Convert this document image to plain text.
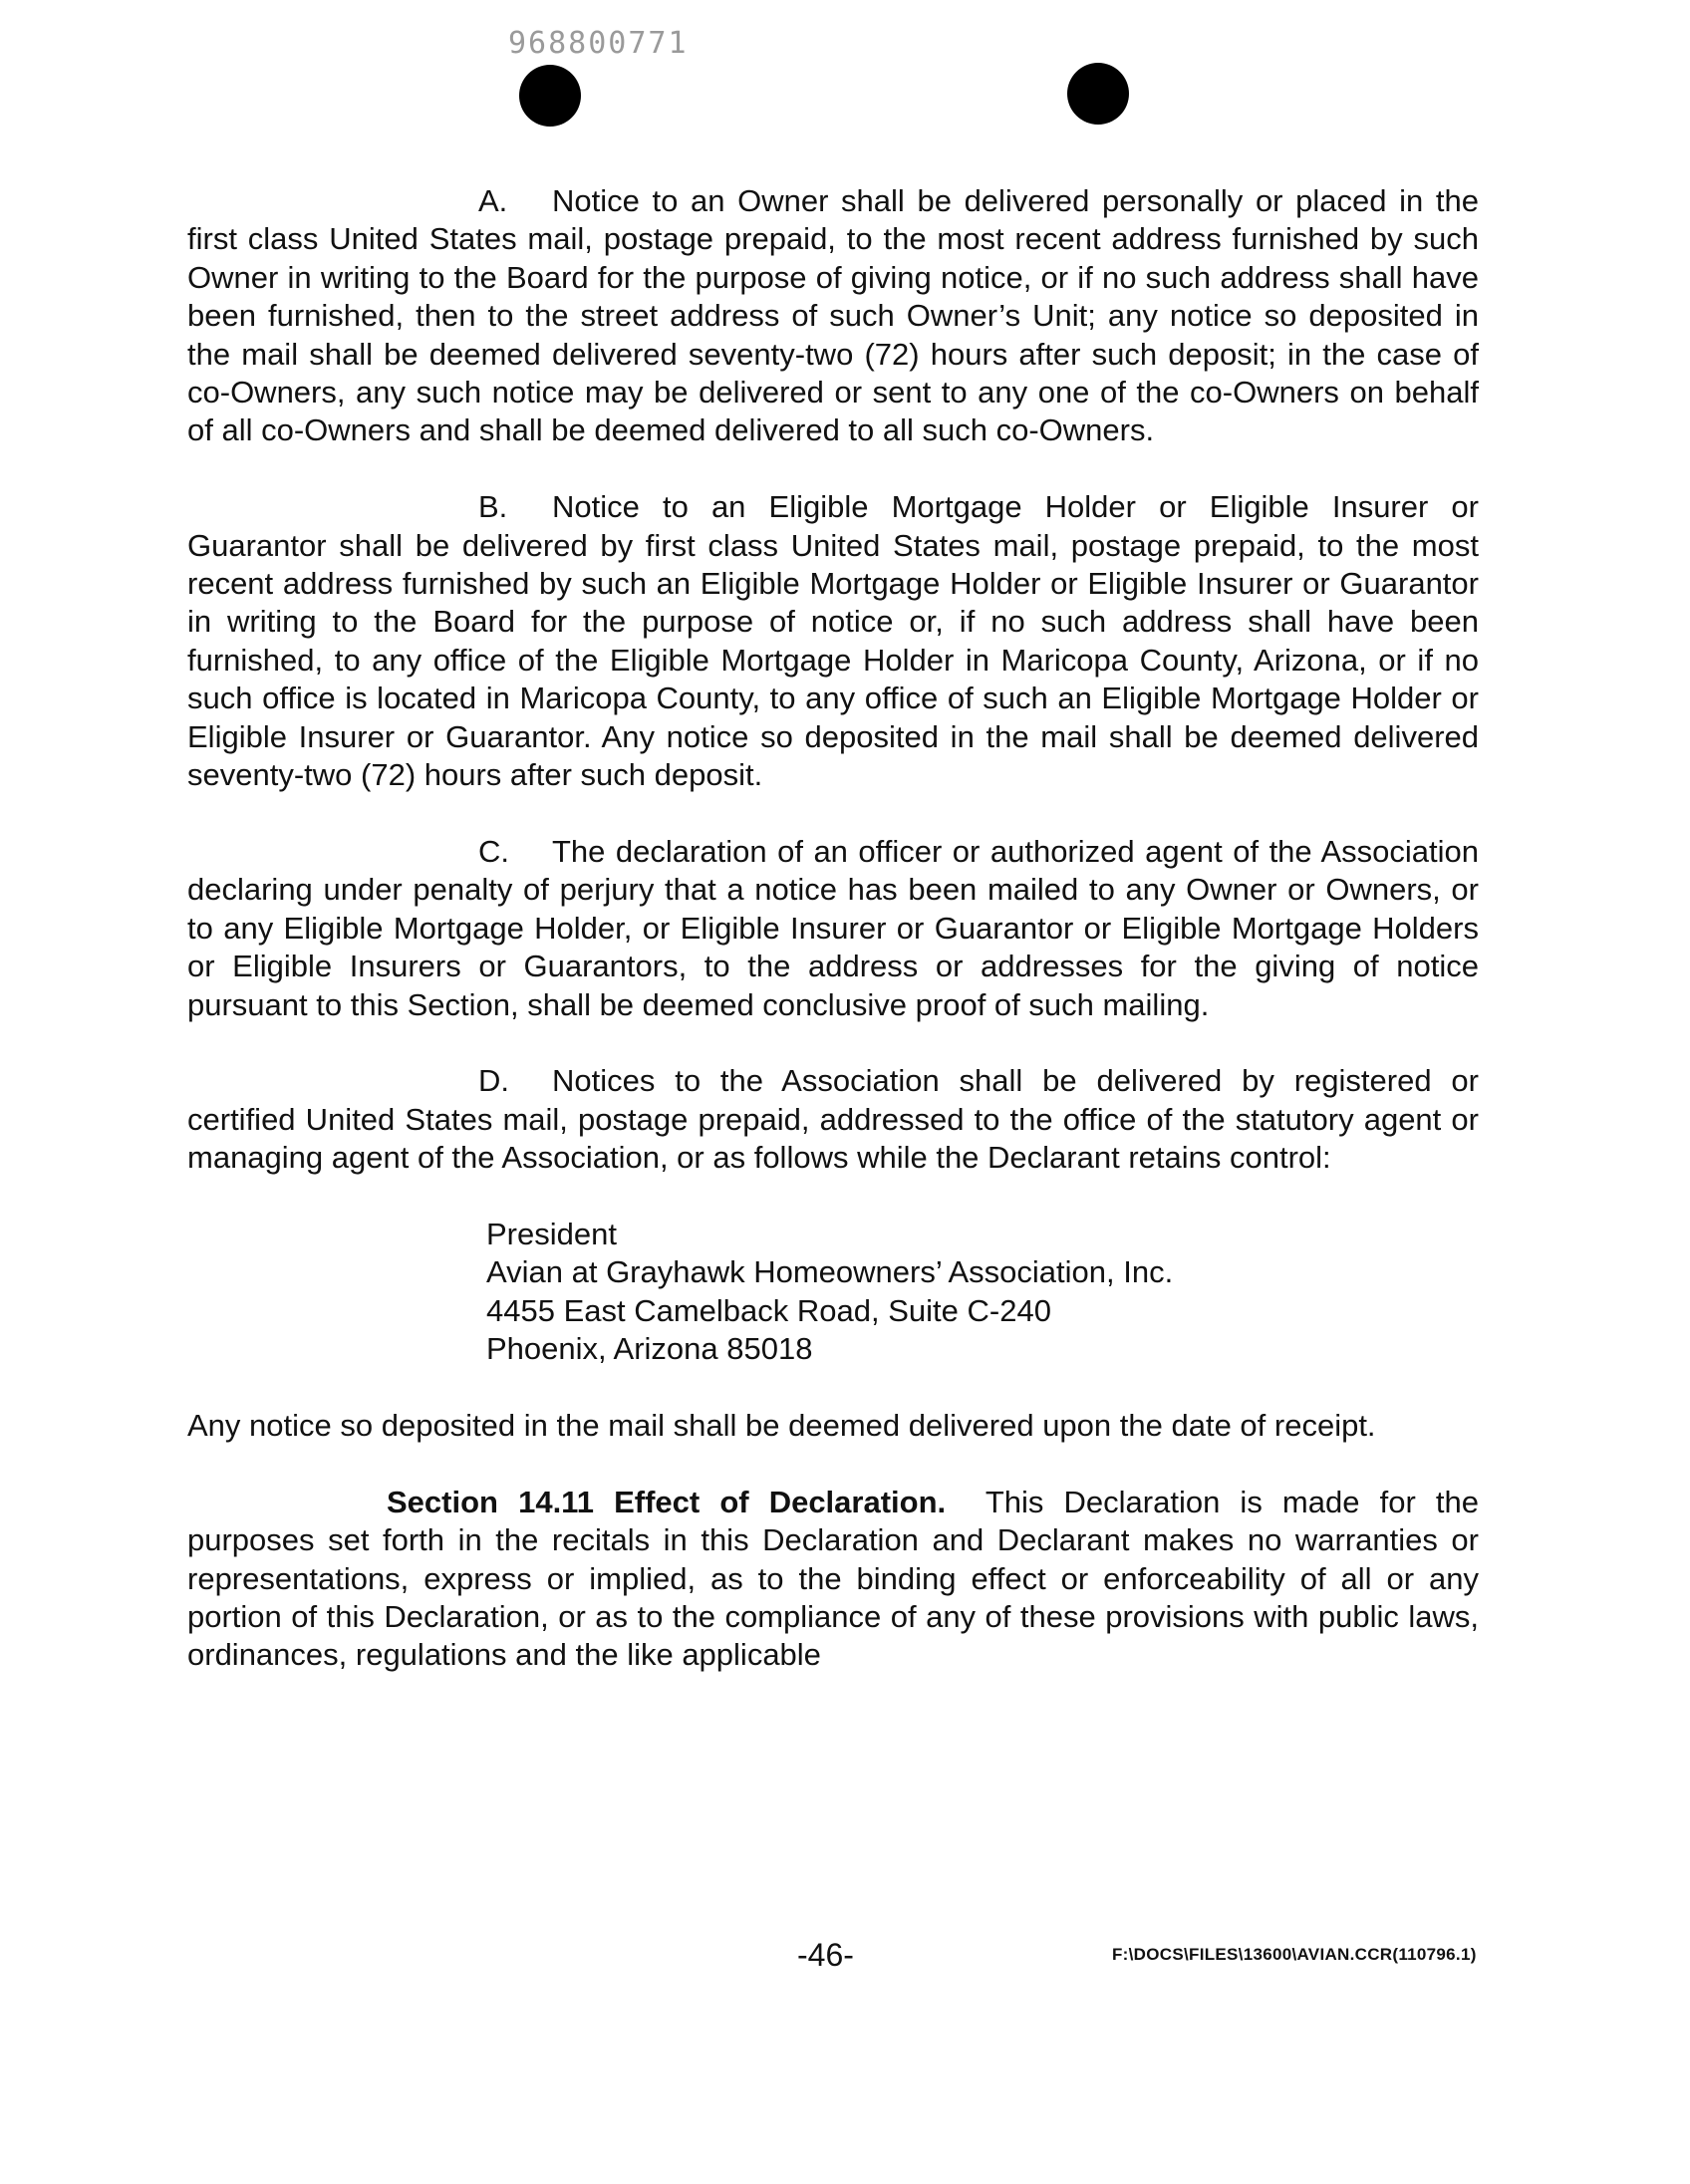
968800771

A. Notice to an Owner shall be delivered personally or placed in the first class United States mail, postage prepaid, to the most recent address furnished by such Owner in writing to the Board for the purpose of giving notice, or if no such address shall have been furnished, then to the street address of such Owner’s Unit; any notice so deposited in the mail shall be deemed delivered seventy-two (72) hours after such deposit; in the case of co-Owners, any such notice may be delivered or sent to any one of the co-Owners on behalf of all co-Owners and shall be deemed delivered to all such co-Owners.

B. Notice to an Eligible Mortgage Holder or Eligible Insurer or Guarantor shall be delivered by first class United States mail, postage prepaid, to the most recent address furnished by such an Eligible Mortgage Holder or Eligible Insurer or Guarantor in writing to the Board for the purpose of notice or, if no such address shall have been furnished, to any office of the Eligible Mortgage Holder in Maricopa County, Arizona, or if no such office is located in Maricopa County, to any office of such an Eligible Mortgage Holder or Eligible Insurer or Guarantor. Any notice so deposited in the mail shall be deemed delivered seventy-two (72) hours after such deposit.

C. The declaration of an officer or authorized agent of the Association declaring under penalty of perjury that a notice has been mailed to any Owner or Owners, or to any Eligible Mortgage Holder, or Eligible Insurer or Guarantor or Eligible Mortgage Holders or Eligible Insurers or Guarantors, to the address or addresses for the giving of notice pursuant to this Section, shall be deemed conclusive proof of such mailing.

D. Notices to the Association shall be delivered by registered or certified United States mail, postage prepaid, addressed to the office of the statutory agent or managing agent of the Association, or as follows while the Declarant retains control:

President
Avian at Grayhawk Homeowners’ Association, Inc.
4455 East Camelback Road, Suite C-240
Phoenix, Arizona 85018

Any notice so deposited in the mail shall be deemed delivered upon the date of receipt.

Section 14.11 Effect of Declaration. This Declaration is made for the purposes set forth in the recitals in this Declaration and Declarant makes no warranties or representations, express or implied, as to the binding effect or enforceability of all or any portion of this Declaration, or as to the compliance of any of these provisions with public laws, ordinances, regulations and the like applicable

-46-	F:\DOCS\FILES\13600\AVIAN.CCR(110796.1)
